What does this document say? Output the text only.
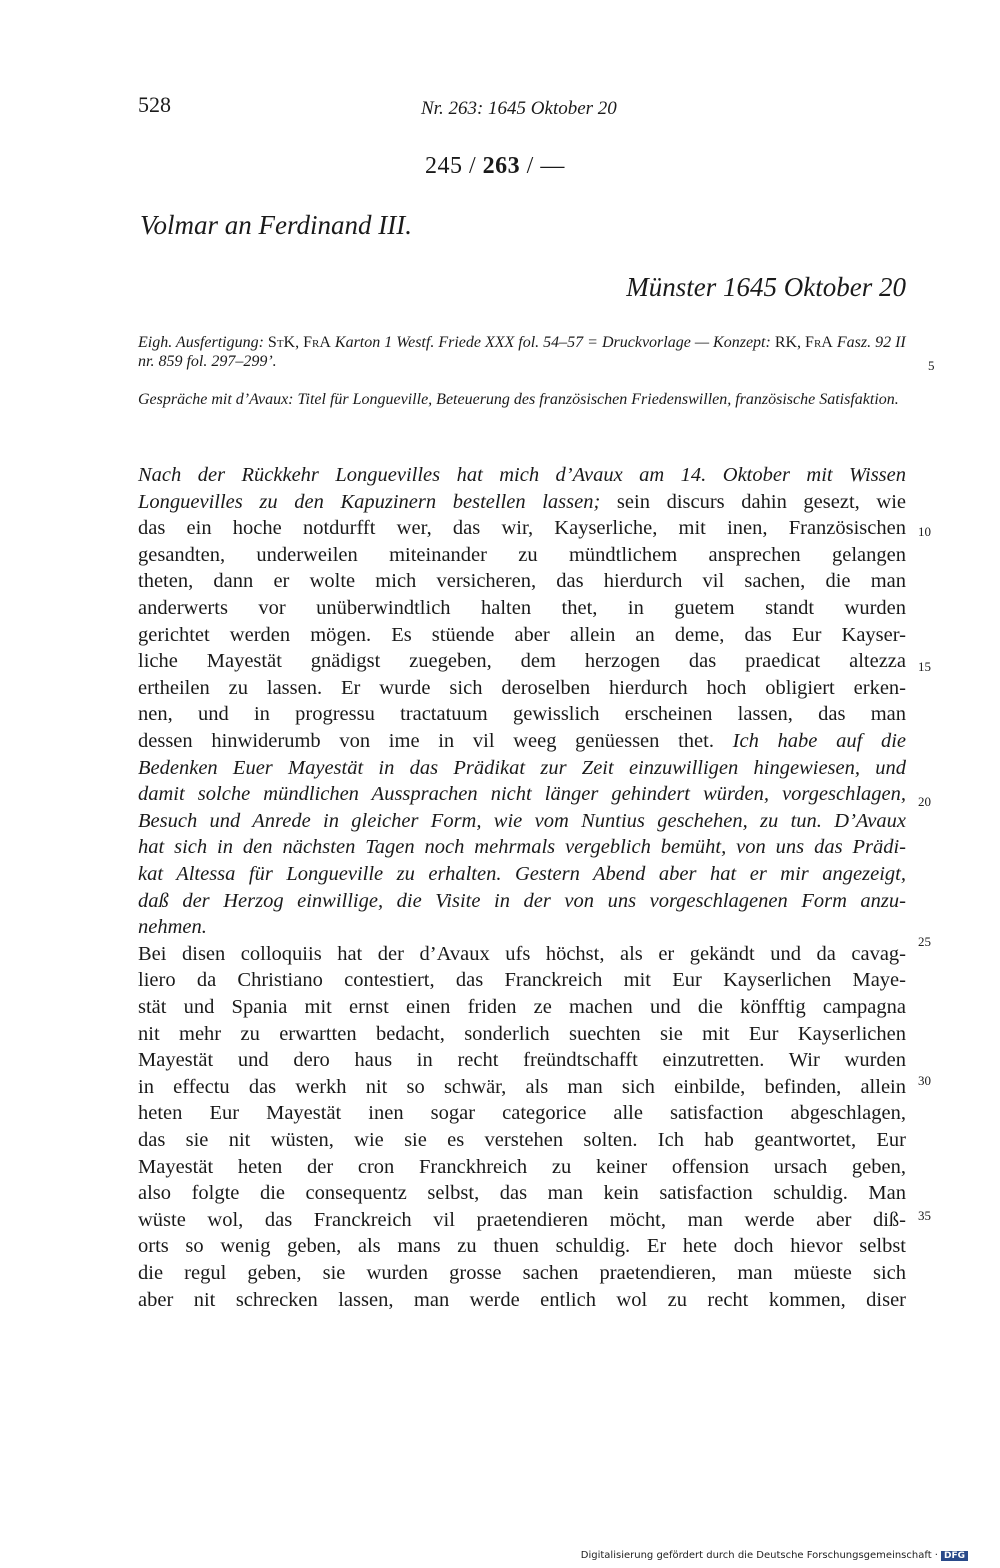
528	Nr. 263: 1645 Oktober 20
245 / 263 / —
Volmar an Ferdinand III.
Münster 1645 Oktober 20
Eigh. Ausfertigung: StK, FrA Karton 1 Westf. Friede XXX fol. 54–57 = Druckvorlage — Konzept: RK, FrA Fasz. 92 II nr. 859 fol. 297–299’.
Gespräche mit d’Avaux: Titel für Longueville, Beteuerung des französischen Friedenswillen, französische Satisfaktion.
Nach der Rückkehr Longuevilles hat mich d’Avaux am 14. Oktober mit Wissen
Longuevilles zu den Kapuzinern bestellen lassen; sein discurs dahin gesezt, wie
das ein hoche notdurfft wer, das wir, Kayserliche, mit inen, Französischen
gesandten, underweilen miteinander zu mündtlichem ansprechen gelangen
theten, dann er wolte mich versicheren, das hierdurch vil sachen, die man
anderwerts vor unüberwindtlich halten thet, in guetem standt wurden
gerichtet werden mögen. Es stüende aber allein an deme, das Eur Kayser-
liche Mayestät gnädigst zuegeben, dem herzogen das praedicat altezza
ertheilen zu lassen. Er wurde sich deroselben hierdurch hoch obligiert erken-
nen, und in progressu tractatuum gewisslich erscheinen lassen, das man
dessen hinwiderumb von ime in vil weeg genüessen thet. Ich habe auf die
Bedenken Euer Mayestät in das Prädikat zur Zeit einzuwilligen hingewiesen, und
damit solche mündlichen Aussprachen nicht länger gehindert würden, vorgeschlagen,
Besuch und Anrede in gleicher Form, wie vom Nuntius geschehen, zu tun. D’Avaux
hat sich in den nächsten Tagen noch mehrmals vergeblich bemüht, von uns das Prädi-
kat Altessa für Longueville zu erhalten. Gestern Abend aber hat er mir angezeigt,
daß der Herzog einwillige, die Visite in der von uns vorgeschlagenen Form anzu-
nehmen.
Bei disen colloquiis hat der d’Avaux ufs höchst, als er gekändt und da cavag-
liero da Christiano contestiert, das Franckreich mit Eur Kayserlichen Maye-
stät und Spania mit ernst einen friden ze machen und die könfftig campagna
nit mehr zu erwartten bedacht, sonderlich suechten sie mit Eur Kayserlichen
Mayestät und dero haus in recht freündtschafft einzutretten. Wir wurden
in effectu das werkh nit so schwär, als man sich einbilde, befinden, allein
heten Eur Mayestät inen sogar categorice alle satisfaction abgeschlagen,
das sie nit wüsten, wie sie es verstehen solten. Ich hab geantwortet, Eur
Mayestät heten der cron Franckhreich zu keiner offension ursach geben,
also folgte die consequentz selbst, das man kein satisfaction schuldig. Man
wüste wol, das Franckreich vil praetendieren möcht, man werde aber diß-
orts so wenig geben, als mans zu thuen schuldig. Er hete doch hievor selbst
die regul geben, sie wurden grosse sachen praetendieren, man müeste sich
aber nit schrecken lassen, man werde entlich wol zu recht kommen, diser
5
10
15
20
25
30
35
Digitalisierung gefördert durch die Deutsche Forschungsgemeinschaft · DFG
